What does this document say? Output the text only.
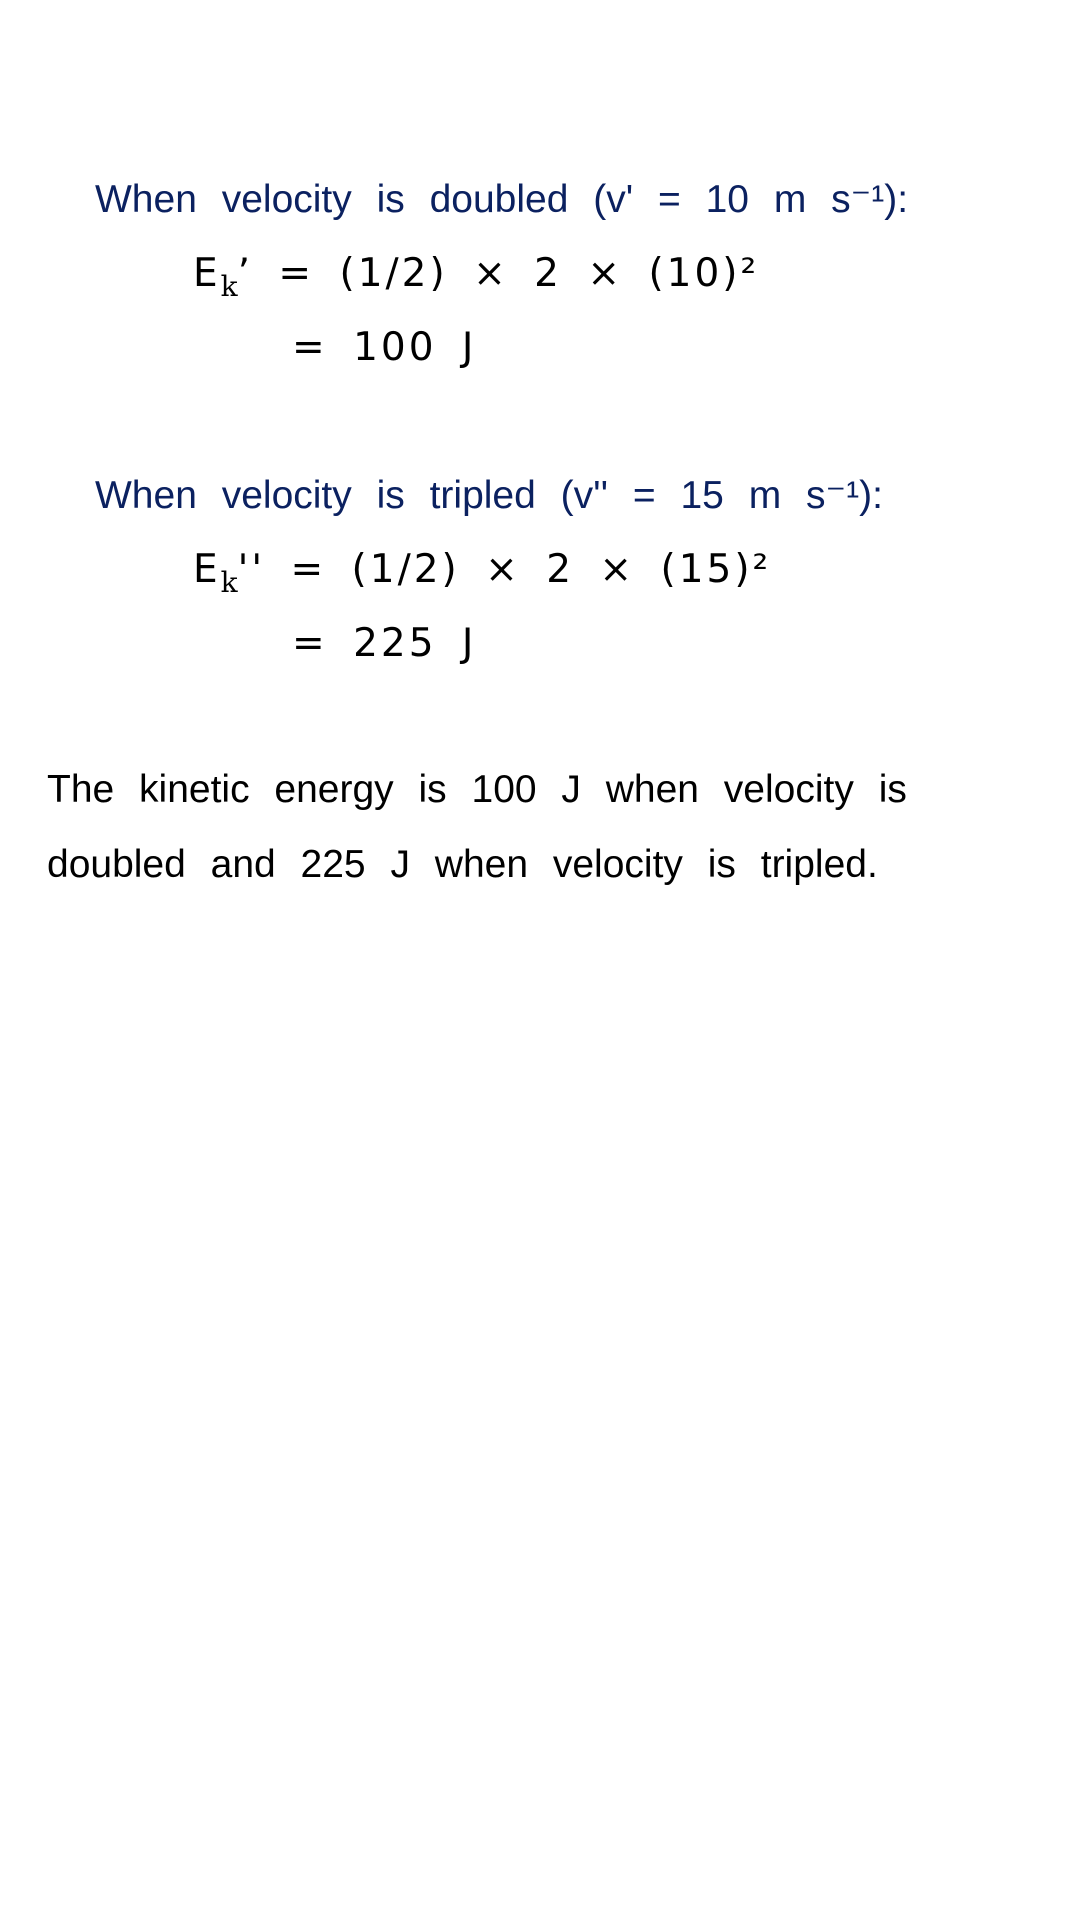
When velocity is doubled (v' = 10 m s⁻¹):
$E_k$’ = (1/2) × 2 × (10)²
= 100 J
When velocity is tripled (v'' = 15 m s⁻¹):
$E_k'' = (1/2) \times 2 \times (15)^2$
= 225 J
The kinetic energy is 100 J when velocity is
doubled and 225 J when velocity is tripled.
